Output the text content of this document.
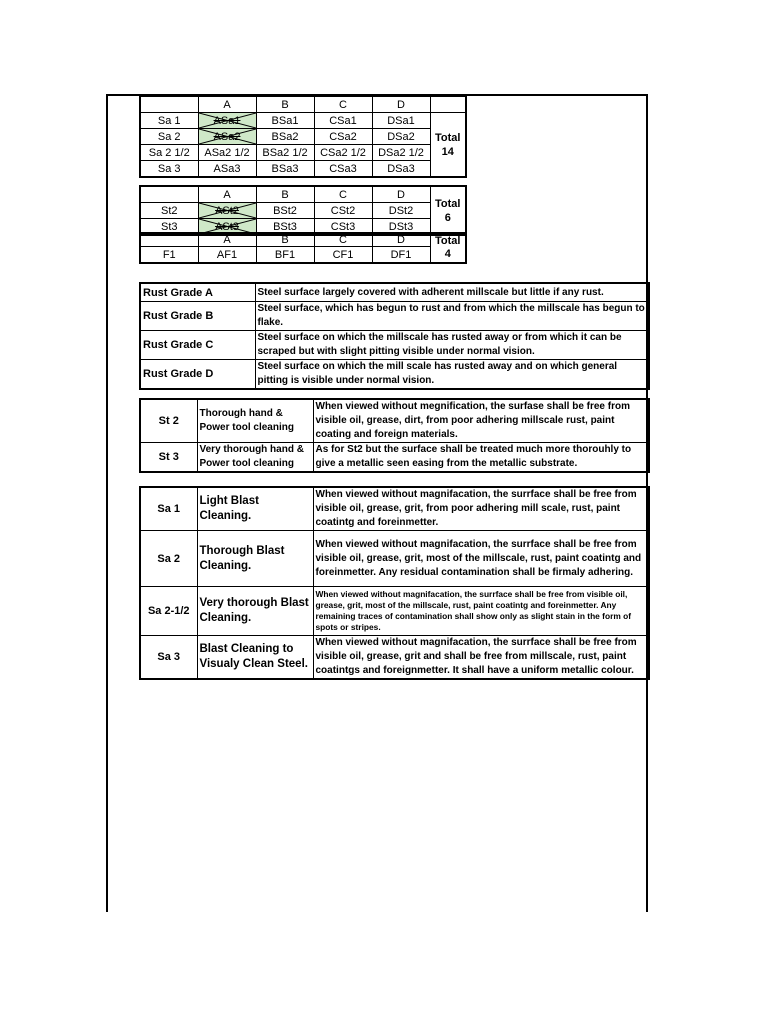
	A	B	C	D	
Sa 1	ASa1	BSa1	CSa1	DSa1	Total
14
Sa 2	ASa2	BSa2	CSa2	DSa2	
Sa 2 1/2	ASa2 1/2	BSa2 1/2	CSa2 1/2	DSa2 1/2	
Sa 3	ASa3	BSa3	CSa3	DSa3	
	A	B	C	D	Total
6
St2	ASt2	BSt2	CSt2	DSt2	
St3	ASt3	BSt3	CSt3	DSt3	
	A	B	C	D	Total
4
F1	AF1	BF1	CF1	DF1	
Rust Grade A	Steel surface largely covered with adherent millscale but little if any rust.
Rust Grade B	Steel surface, which has begun to rust and from which the millscale has begun to flake.
Rust Grade C	Steel surface on which the millscale has rusted away or from which it can be scraped but with slight pitting visible under normal vision.
Rust Grade D	Steel surface on which the mill scale has rusted away and on which general pitting is visible under normal vision.
St 2	Thorough hand & Power tool cleaning	When viewed without megnification, the surfase shall be free from visible oil, grease, dirt, from poor adhering millscale rust, paint coating and foreign materials.
St 3	Very thorough hand & Power tool cleaning	As for St2 but the surface shall be treated much more thorouhly to give a metallic seen easing from the metallic substrate.
Sa 1	Light Blast Cleaning.	When viewed without magnifacation, the surrface shall be free from visible oil, grease, grit, from poor adhering mill scale, rust, paint coatintg and foreinmetter.
Sa 2	Thorough Blast Cleaning.	When viewed without magnifacation, the surrface shall be free from visible oil, grease, grit, most of the millscale, rust, paint coatintg and foreinmetter. Any residual contamination shall be firmaly adhering.
Sa 2-1/2	Very thorough Blast Cleaning.	When viewed without magnifacation, the surrface shall be free from visible oil, grease, grit, most of the millscale, rust, paint coatintg and foreinmetter. Any remaining traces of contamination shall show only as slight stain in the form of spots or stripes.
Sa 3	Blast Cleaning to Visualy Clean Steel.	When viewed without magnifacation, the surrface shall be free from visible oil, grease, grit and shall be free from millscale, rust, paint coatintgs and foreignmetter. It shall have a uniform metallic colour.
